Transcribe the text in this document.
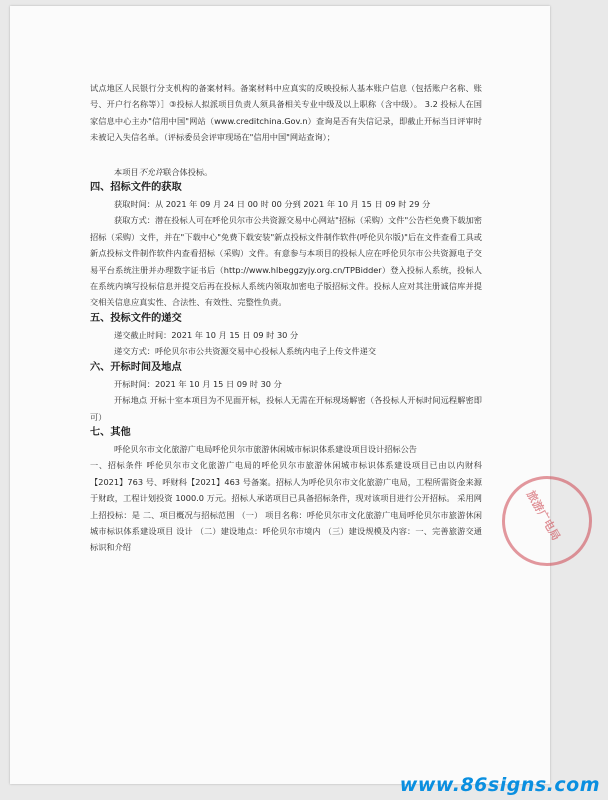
试点地区人民银行分支机构的备案材料。备案材料中应真实的反映投标人基本账户信息（包括账户名称、账号、开户行名称等）］③投标人拟派项目负责人须具备相关专业中级及以上职称（含中级）。 3.2 投标人在国家信息中心主办"信用中国"网站（www.creditchina.Gov.n）查询是否有失信记录，即截止开标当日评审时未被记入失信名单。（评标委员会评审现场在"信用中国"网站查询）；

本项目不允许联合体投标。

四、招标文件的获取

获取时间：从 2021 年 09 月 24 日 00 时 00 分到 2021 年 10 月 15 日 09 时 29 分

获取方式：潜在投标人可在呼伦贝尔市公共资源交易中心网站"招标（采购）文件"公告栏免费下载加密招标（采购）文件，并在"下载中心"免费下载安装"新点投标文件制作软件(呼伦贝尔版)"后在文件查看工具或新点投标文件制作软件内查看招标（采购）文件。有意参与本项目的投标人应在呼伦贝尔市公共资源电子交易平台系统注册并办理数字证书后（http://www.hlbeggzyjy.org.cn/TPBidder）登入投标人系统，投标人在系统内填写投标信息并提交后再在投标人系统内领取加密电子版招标文件。投标人应对其注册诚信库并提交相关信息应真实性、合法性、有效性、完整性负责。

五、投标文件的递交

递交截止时间：2021 年 10 月 15 日 09 时 30 分

递交方式：呼伦贝尔市公共资源交易中心投标人系统内电子上传文件递交

六、开标时间及地点

开标时间：2021 年 10 月 15 日 09 时 30 分

开标地点 开标十室本项目为不见面开标，投标人无需在开标现场解密（各投标人开标时间远程解密即可）

七、其他

呼伦贝尔市文化旅游广电局呼伦贝尔市旅游休闲城市标识体系建设项目设计招标公告

一、招标条件 呼伦贝尔市文化旅游广电局的呼伦贝尔市旅游休闲城市标识体系建设项目已由以内财科【2021】763 号、呼财科【2021】463 号备案。招标人为呼伦贝尔市文化旅游广电局，工程所需资金来源于财政，工程计划投资 1000.0 万元。招标人承诺项目已具备招标条件，现对该项目进行公开招标。 采用网上招投标：是 二、项目概况与招标范围 （一） 项目名称：呼伦贝尔市文化旅游广电局呼伦贝尔市旅游休闲城市标识体系建设项目 设计 （二）建设地点：呼伦贝尔市境内 （三）建设规模及内容：一、完善旅游交通标识和介绍

旅游广电局
www.86signs.com
